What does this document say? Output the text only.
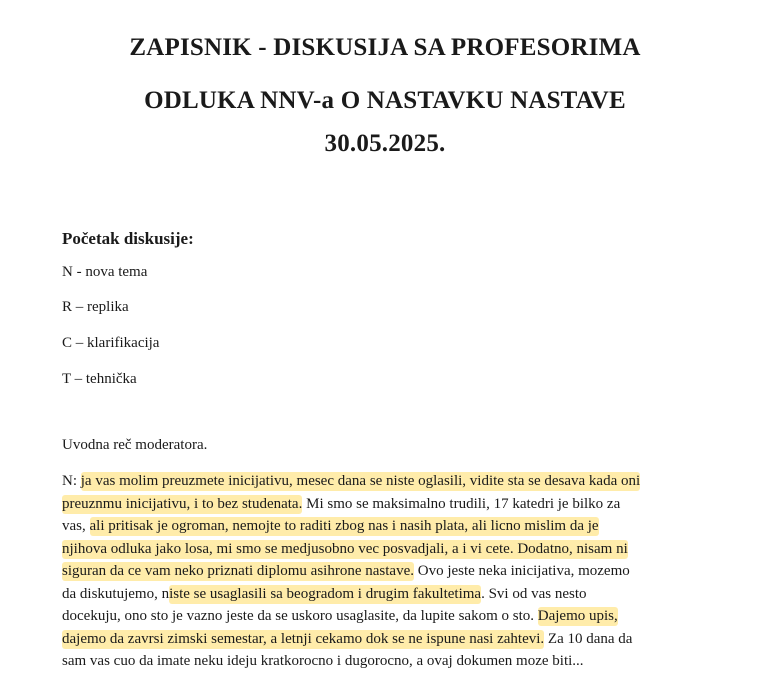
ZAPISNIK - DISKUSIJA SA PROFESORIMA
ODLUKA NNV-a O NASTAVKU NASTAVE
30.05.2025.
Početak diskusije:
N - nova tema
R – replika
C – klarifikacija
T – tehnička
Uvodna reč moderatora.
N: ja vas molim preuzmete inicijativu, mesec dana se niste oglasili, vidite sta se desava kada oni
preuznmu inicijativu, i to bez studenata. Mi smo se maksimalno trudili, 17 katedri je bilko za
vas, ali pritisak je ogroman, nemojte to raditi zbog nas i nasih plata, ali licno mislim da je
njihova odluka jako losa, mi smo se medjusobno vec posvadjali, a i vi cete. Dodatno, nisam ni
siguran da ce vam neko priznati diplomu asihrone nastave. Ovo jeste neka inicijativa, mozemo
da diskutujemo, niste se usaglasili sa beogradom i drugim fakultetima. Svi od vas nesto
docekuju, ono sto je vazno jeste da se uskoro usaglasite, da lupite sakom o sto. Dajemo upis,
dajemo da zavrsi zimski semestar, a letnji cekamo dok se ne ispune nasi zahtevi. Za 10 dana da
sam vas cuo da imate neku ideju kratkorocno i dugorocno, a ovaj dokumen moze biti...
